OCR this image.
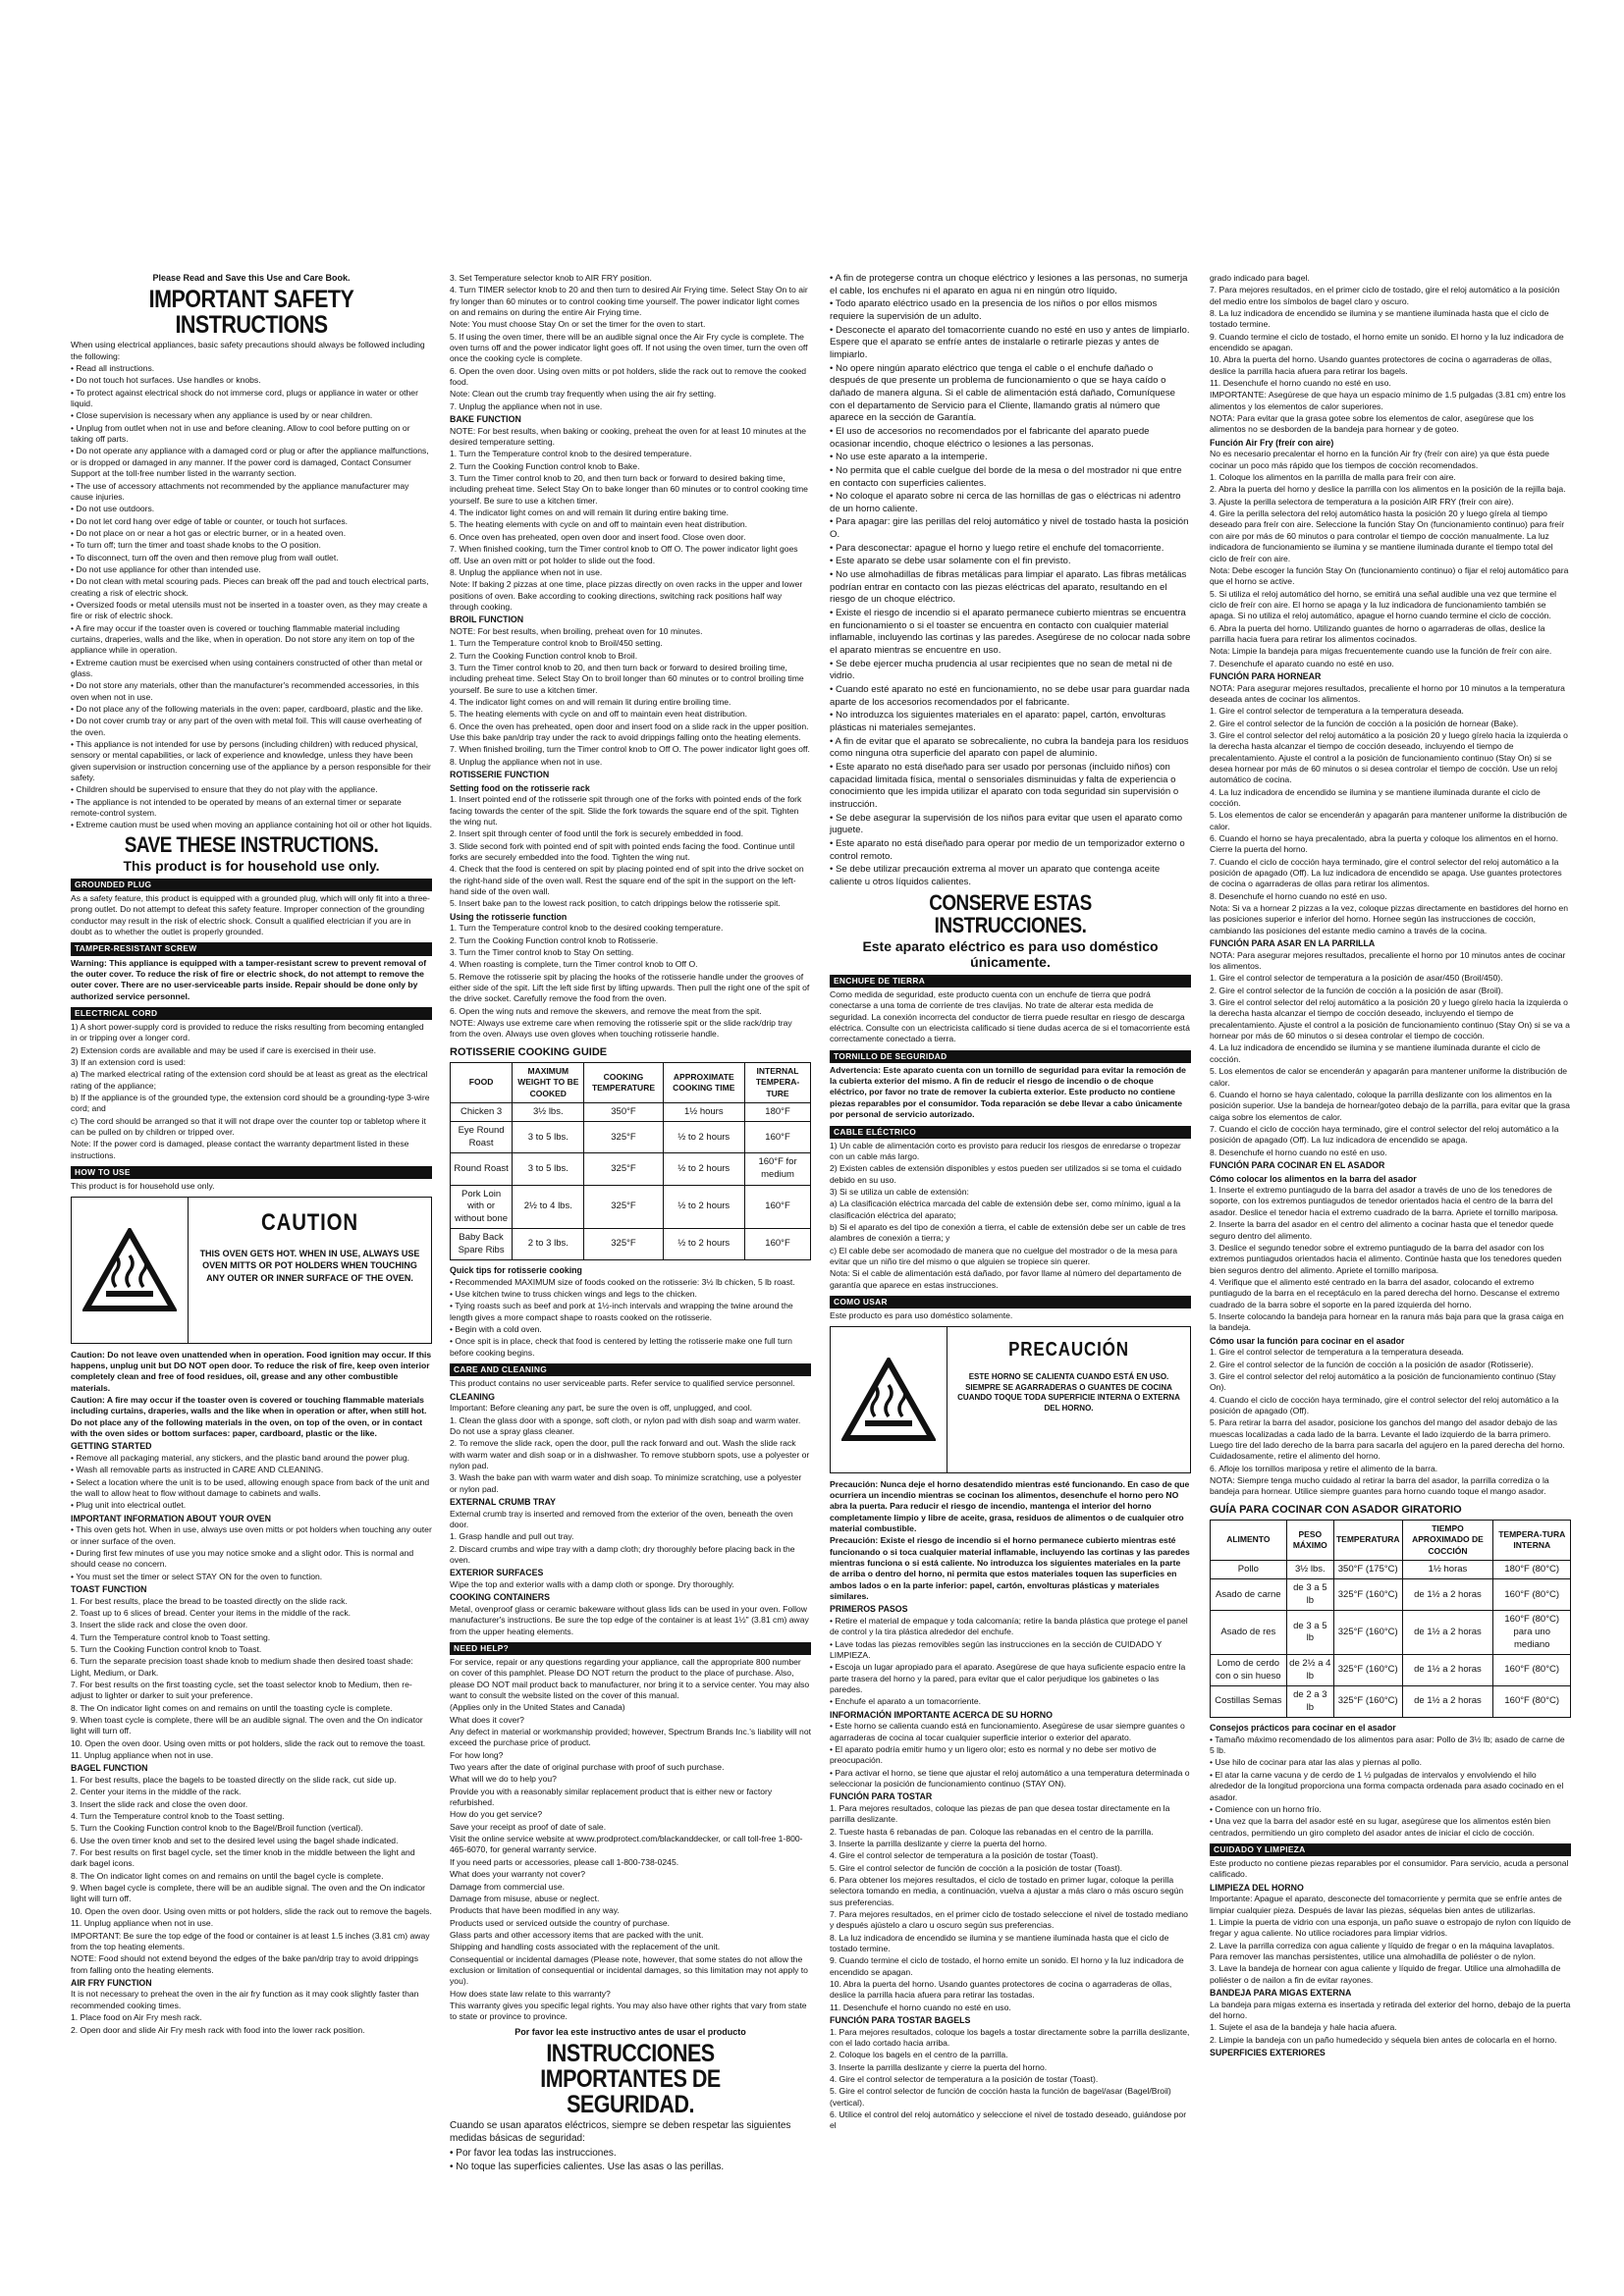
Please Read and Save this Use and Care Book.
IMPORTANT SAFETY INSTRUCTIONS

When using electrical appliances, basic safety precautions should always be followed including the following:

• Read all instructions.

• Do not touch hot surfaces. Use handles or knobs.

• To protect against electrical shock do not immerse cord, plugs or appliance in water or other liquid.

• Close supervision is necessary when any appliance is used by or near children.

• Unplug from outlet when not in use and before cleaning. Allow to cool before putting on or taking off parts.

• Do not operate any appliance with a damaged cord or plug or after the appliance malfunctions, or is dropped or damaged in any manner. If the power cord is damaged, Contact Consumer Support at the toll-free number listed in the warranty section.

• The use of accessory attachments not recommended by the appliance manufacturer may cause injuries.

• Do not use outdoors.

• Do not let cord hang over edge of table or counter, or touch hot surfaces.

• Do not place on or near a hot gas or electric burner, or in a heated oven.

• To turn off; turn the timer and toast shade knobs to the O position.

• To disconnect, turn off the oven and then remove plug from wall outlet.

• Do not use appliance for other than intended use.

• Do not clean with metal scouring pads. Pieces can break off the pad and touch electrical parts, creating a risk of electric shock.

• Oversized foods or metal utensils must not be inserted in a toaster oven, as they may create a fire or risk of electric shock.

• A fire may occur if the toaster oven is covered or touching flammable material including curtains, draperies, walls and the like, when in operation. Do not store any item on top of the appliance while in operation.

• Extreme caution must be exercised when using containers constructed of other than metal or glass.

• Do not store any materials, other than the manufacturer's recommended accessories, in this oven when not in use.

• Do not place any of the following materials in the oven: paper, cardboard, plastic and the like.

• Do not cover crumb tray or any part of the oven with metal foil. This will cause overheating of the oven.

• This appliance is not intended for use by persons (including children) with reduced physical, sensory or mental capabilities, or lack of experience and knowledge, unless they have been given supervision or instruction concerning use of the appliance by a person responsible for their safety.

• Children should be supervised to ensure that they do not play with the appliance.

• The appliance is not intended to be operated by means of an external timer or separate remote-control system.

• Extreme caution must be used when moving an appliance containing hot oil or other hot liquids.

SAVE THESE INSTRUCTIONS.
This product is for household use only.
GROUNDED PLUG

As a safety feature, this product is equipped with a grounded plug, which will only fit into a three-prong outlet. Do not attempt to defeat this safety feature. Improper connection of the grounding conductor may result in the risk of electric shock. Consult a qualified electrician if you are in doubt as to whether the outlet is properly grounded.

TAMPER-RESISTANT SCREW

Warning: This appliance is equipped with a tamper-resistant screw to prevent removal of the outer cover. To reduce the risk of fire or electric shock, do not attempt to remove the outer cover. There are no user-serviceable parts inside. Repair should be done only by authorized service personnel.

ELECTRICAL CORD

1) A short power-supply cord is provided to reduce the risks resulting from becoming entangled in or tripping over a longer cord.

2) Extension cords are available and may be used if care is exercised in their use.

3) If an extension cord is used:

a) The marked electrical rating of the extension cord should be at least as great as the electrical rating of the appliance;

b) If the appliance is of the grounded type, the extension cord should be a grounding-type 3-wire cord; and

c) The cord should be arranged so that it will not drape over the counter top or tabletop where it can be pulled on by children or tripped over.

Note: If the power cord is damaged, please contact the warranty department listed in these instructions.

HOW TO USE

This product is for household use only.

CAUTION
THIS OVEN GETS HOT. WHEN IN USE, ALWAYS USE OVEN MITTS OR POT HOLDERS WHEN TOUCHING ANY OUTER OR INNER SURFACE OF THE OVEN.

Caution: Do not leave oven unattended when in operation. Food ignition may occur. If this happens, unplug unit but DO NOT open door. To reduce the risk of fire, keep oven interior completely clean and free of food residues, oil, grease and any other combustible materials.

Caution: A fire may occur if the toaster oven is covered or touching flammable materials including curtains, draperies, walls and the like when in operation or after, when still hot. Do not place any of the following materials in the oven, on top of the oven, or in contact with the oven sides or bottom surfaces: paper, cardboard, plastic or the like.

GETTING STARTED

• Remove all packaging material, any stickers, and the plastic band around the power plug.

• Wash all removable parts as instructed in CARE AND CLEANING.

• Select a location where the unit is to be used, allowing enough space from back of the unit and the wall to allow heat to flow without damage to cabinets and walls.

• Plug unit into electrical outlet.

IMPORTANT INFORMATION ABOUT YOUR OVEN

• This oven gets hot. When in use, always use oven mitts or pot holders when touching any outer or inner surface of the oven.

• During first few minutes of use you may notice smoke and a slight odor. This is normal and should cease no concern.

• You must set the timer or select STAY ON for the oven to function.

TOAST FUNCTION

1. For best results, place the bread to be toasted directly on the slide rack.

2. Toast up to 6 slices of bread. Center your items in the middle of the rack.

3. Insert the slide rack and close the oven door.

4. Turn the Temperature control knob to Toast setting.

5. Turn the Cooking Function control knob to Toast.

6. Turn the separate precision toast shade knob to medium shade then desired toast shade: Light, Medium, or Dark.

7. For best results on the first toasting cycle, set the toast selector knob to Medium, then re-adjust to lighter or darker to suit your preference.

8. The On indicator light comes on and remains on until the toasting cycle is complete.

9. When toast cycle is complete, there will be an audible signal. The oven and the On indicator light will turn off.

10. Open the oven door. Using oven mitts or pot holders, slide the rack out to remove the toast.

11. Unplug appliance when not in use.

BAGEL FUNCTION

1. For best results, place the bagels to be toasted directly on the slide rack, cut side up.

2. Center your items in the middle of the rack.

3. Insert the slide rack and close the oven door.

4. Turn the Temperature control knob to the Toast setting.

5. Turn the Cooking Function control knob to the Bagel/Broil function (vertical).

6. Use the oven timer knob and set to the desired level using the bagel shade indicated.

7. For best results on first bagel cycle, set the timer knob in the middle between the light and dark bagel icons.

8. The On indicator light comes on and remains on until the bagel cycle is complete.

9. When bagel cycle is complete, there will be an audible signal. The oven and the On indicator light will turn off.

10. Open the oven door. Using oven mitts or pot holders, slide the rack out to remove the bagels.

11. Unplug appliance when not in use.

IMPORTANT: Be sure the top edge of the food or container is at least 1.5 inches (3.81 cm) away from the top heating elements.

NOTE: Food should not extend beyond the edges of the bake pan/drip tray to avoid drippings from falling onto the heating elements.

AIR FRY FUNCTION

It is not necessary to preheat the oven in the air fry function as it may cook slightly faster than recommended cooking times.

1. Place food on Air Fry mesh rack.

2. Open door and slide Air Fry mesh rack with food into the lower rack position.

3. Set Temperature selector knob to AIR FRY position.

4. Turn TIMER selector knob to 20 and then turn to desired Air Frying time. Select Stay On to air fry longer than 60 minutes or to control cooking time yourself. The power indicator light comes on and remains on during the entire Air Frying time.

Note: You must choose Stay On or set the timer for the oven to start.

5. If using the oven timer, there will be an audible signal once the Air Fry cycle is complete. The oven turns off and the power indicator light goes off. If not using the oven timer, turn the oven off once the cooking cycle is complete.

6. Open the oven door. Using oven mitts or pot holders, slide the rack out to remove the cooked food.

Note: Clean out the crumb tray frequently when using the air fry setting.

7. Unplug the appliance when not in use.

BAKE FUNCTION

NOTE: For best results, when baking or cooking, preheat the oven for at least 10 minutes at the desired temperature setting.

1. Turn the Temperature control knob to the desired temperature.

2. Turn the Cooking Function control knob to Bake.

3. Turn the Timer control knob to 20, and then turn back or forward to desired baking time, including preheat time. Select Stay On to bake longer than 60 minutes or to control cooking time yourself. Be sure to use a kitchen timer.

4. The indicator light comes on and will remain lit during entire baking time.

5. The heating elements with cycle on and off to maintain even heat distribution.

6. Once oven has preheated, open oven door and insert food. Close oven door.

7. When finished cooking, turn the Timer control knob to Off O. The power indicator light goes off. Use an oven mitt or pot holder to slide out the food.

8. Unplug the appliance when not in use.

Note: If baking 2 pizzas at one time, place pizzas directly on oven racks in the upper and lower positions of oven. Bake according to cooking directions, switching rack positions half way through cooking.

BROIL FUNCTION

NOTE: For best results, when broiling, preheat oven for 10 minutes.

1. Turn the Temperature control knob to Broil/450 setting.

2. Turn the Cooking Function control knob to Broil.

3. Turn the Timer control knob to 20, and then turn back or forward to desired broiling time, including preheat time. Select Stay On to broil longer than 60 minutes or to control broiling time yourself. Be sure to use a kitchen timer.

4. The indicator light comes on and will remain lit during entire broiling time.

5. The heating elements with cycle on and off to maintain even heat distribution.

6. Once the oven has preheated, open door and insert food on a slide rack in the upper position. Use this bake pan/drip tray under the rack to avoid drippings falling onto the heating elements.

7. When finished broiling, turn the Timer control knob to Off O. The power indicator light goes off.

8. Unplug the appliance when not in use.

ROTISSERIE FUNCTION
Setting food on the rotisserie rack

1. Insert pointed end of the rotisserie spit through one of the forks with pointed ends of the fork facing towards the center of the spit. Slide the fork towards the square end of the spit. Tighten the wing nut.

2. Insert spit through center of food until the fork is securely embedded in food.

3. Slide second fork with pointed end of spit with pointed ends facing the food. Continue until forks are securely embedded into the food. Tighten the wing nut.

4. Check that the food is centered on spit by placing pointed end of spit into the drive socket on the right-hand side of the oven wall. Rest the square end of the spit in the support on the left-hand side of the oven wall.

5. Insert bake pan to the lowest rack position, to catch drippings below the rotisserie spit.

Using the rotisserie function

1. Turn the Temperature control knob to the desired cooking temperature.

2. Turn the Cooking Function control knob to Rotisserie.

3. Turn the Timer control knob to Stay On setting.

4. When roasting is complete, turn the Timer control knob to Off O.

5. Remove the rotisserie spit by placing the hooks of the rotisserie handle under the grooves of either side of the spit. Lift the left side first by lifting upwards. Then pull the right one of the spit of the drive socket. Carefully remove the food from the oven.

6. Open the wing nuts and remove the skewers, and remove the meat from the spit.

NOTE: Always use extreme care when removing the rotisserie spit or the slide rack/drip tray from the oven. Always use oven gloves when touching rotisserie handle.

ROTISSERIE COOKING GUIDE
FOOD	MAXIMUM WEIGHT TO BE COOKED	COOKING TEMPERATURE	APPROXIMATE COOKING TIME	INTERNAL TEMPERA-TURE
Chicken 3	3½ lbs.	350°F	1½ hours	180°F
Eye Round Roast	3 to 5 lbs.	325°F	½ to 2 hours	160°F
Round Roast	3 to 5 lbs.	325°F	½ to 2 hours	160°F for medium
Pork Loin with or without bone	2½ to 4 lbs.	325°F	½ to 2 hours	160°F
Baby Back Spare Ribs	2 to 3 lbs.	325°F	½ to 2 hours	160°F
Quick tips for rotisserie cooking

• Recommended MAXIMUM size of foods cooked on the rotisserie: 3½ lb chicken, 5 lb roast.

• Use kitchen twine to truss chicken wings and legs to the chicken.

• Tying roasts such as beef and pork at 1½-inch intervals and wrapping the twine around the length gives a more compact shape to roasts cooked on the rotisserie.

• Begin with a cold oven.

• Once spit is in place, check that food is centered by letting the rotisserie make one full turn before cooking begins.

CARE AND CLEANING

This product contains no user serviceable parts. Refer service to qualified service personnel.

CLEANING

Important: Before cleaning any part, be sure the oven is off, unplugged, and cool.

1. Clean the glass door with a sponge, soft cloth, or nylon pad with dish soap and warm water. Do not use a spray glass cleaner.

2. To remove the slide rack, open the door, pull the rack forward and out. Wash the slide rack with warm water and dish soap or in a dishwasher. To remove stubborn spots, use a polyester or nylon pad.

3. Wash the bake pan with warm water and dish soap. To minimize scratching, use a polyester or nylon pad.

EXTERNAL CRUMB TRAY

External crumb tray is inserted and removed from the exterior of the oven, beneath the oven door.

1. Grasp handle and pull out tray.

2. Discard crumbs and wipe tray with a damp cloth; dry thoroughly before placing back in the oven.

EXTERIOR SURFACES

Wipe the top and exterior walls with a damp cloth or sponge. Dry thoroughly.

COOKING CONTAINERS

Metal, ovenproof glass or ceramic bakeware without glass lids can be used in your oven. Follow manufacturer's instructions. Be sure the top edge of the container is at least 1½" (3.81 cm) away from the upper heating elements.

NEED HELP?

For service, repair or any questions regarding your appliance, call the appropriate 800 number on cover of this pamphlet. Please DO NOT return the product to the place of purchase. Also, please DO NOT mail product back to manufacturer, nor bring it to a service center. You may also want to consult the website listed on the cover of this manual.

(Applies only in the United States and Canada)

What does it cover?

Any defect in material or workmanship provided; however, Spectrum Brands Inc.'s liability will not exceed the purchase price of product.

For how long?

Two years after the date of original purchase with proof of such purchase.

What will we do to help you?

Provide you with a reasonably similar replacement product that is either new or factory refurbished.

How do you get service?

Save your receipt as proof of date of sale.

Visit the online service website at www.prodprotect.com/blackanddecker, or call toll-free 1-800-465-6070, for general warranty service.

If you need parts or accessories, please call 1-800-738-0245.

What does your warranty not cover?

Damage from commercial use.

Damage from misuse, abuse or neglect.

Products that have been modified in any way.

Products used or serviced outside the country of purchase.

Glass parts and other accessory items that are packed with the unit.

Shipping and handling costs associated with the replacement of the unit.

Consequential or incidental damages (Please note, however, that some states do not allow the exclusion or limitation of consequential or incidental damages, so this limitation may not apply to you).

How does state law relate to this warranty?

This warranty gives you specific legal rights. You may also have other rights that vary from state to state or province to province.

Por favor lea este instructivo antes de usar el producto
INSTRUCCIONES IMPORTANTES DE SEGURIDAD.

Cuando se usan aparatos eléctricos, siempre se deben respetar las siguientes medidas básicas de seguridad:

• Por favor lea todas las instrucciones.

• No toque las superficies calientes. Use las asas o las perillas.

• A fin de protegerse contra un choque eléctrico y lesiones a las personas, no sumerja el cable, los enchufes ni el aparato en agua ni en ningún otro líquido.

• Todo aparato eléctrico usado en la presencia de los niños o por ellos mismos requiere la supervisión de un adulto.

• Desconecte el aparato del tomacorriente cuando no esté en uso y antes de limpiarlo. Espere que el aparato se enfríe antes de instalarle o retirarle piezas y antes de limpiarlo.

• No opere ningún aparato eléctrico que tenga el cable o el enchufe dañado o después de que presente un problema de funcionamiento o que se haya caído o dañado de manera alguna. Si el cable de alimentación está dañado, Comuníquese con el departamento de Servicio para el Cliente, llamando gratis al número que aparece en la sección de Garantía.

• El uso de accesorios no recomendados por el fabricante del aparato puede ocasionar incendio, choque eléctrico o lesiones a las personas.

• No use este aparato a la intemperie.

• No permita que el cable cuelgue del borde de la mesa o del mostrador ni que entre en contacto con superficies calientes.

• No coloque el aparato sobre ni cerca de las hornillas de gas o eléctricas ni adentro de un horno caliente.

• Para apagar: gire las perillas del reloj automático y nivel de tostado hasta la posición O.

• Para desconectar: apague el horno y luego retire el enchufe del tomacorriente.

• Este aparato se debe usar solamente con el fin previsto.

• No use almohadillas de fibras metálicas para limpiar el aparato. Las fibras metálicas podrían entrar en contacto con las piezas eléctricas del aparato, resultando en el riesgo de un choque eléctrico.

• Existe el riesgo de incendio si el aparato permanece cubierto mientras se encuentra en funcionamiento o si el toaster se encuentra en contacto con cualquier material inflamable, incluyendo las cortinas y las paredes. Asegúrese de no colocar nada sobre el aparato mientras se encuentre en uso.

• Se debe ejercer mucha prudencia al usar recipientes que no sean de metal ni de vidrio.

• Cuando esté aparato no esté en funcionamiento, no se debe usar para guardar nada aparte de los accesorios recomendados por el fabricante.

• No introduzca los siguientes materiales en el aparato: papel, cartón, envolturas plásticas ni materiales semejantes.

• A fin de evitar que el aparato se sobrecaliente, no cubra la bandeja para los residuos como ninguna otra superficie del aparato con papel de aluminio.

• Este aparato no está diseñado para ser usado por personas (incluido niños) con capacidad limitada física, mental o sensoriales disminuidas y falta de experiencia o conocimiento que les impida utilizar el aparato con toda seguridad sin supervisión o instrucción.

• Se debe asegurar la supervisión de los niños para evitar que usen el aparato como juguete.

• Este aparato no está diseñado para operar por medio de un temporizador externo o control remoto.

• Se debe utilizar precaución extrema al mover un aparato que contenga aceite caliente u otros líquidos calientes.

CONSERVE ESTAS INSTRUCCIONES.
Este aparato eléctrico es para uso doméstico únicamente.
ENCHUFE DE TIERRA

Como medida de seguridad, este producto cuenta con un enchufe de tierra que podrá conectarse a una toma de corriente de tres clavijas. No trate de alterar esta medida de seguridad. La conexión incorrecta del conductor de tierra puede resultar en riesgo de descarga eléctrica. Consulte con un electricista calificado si tiene dudas acerca de si el tomacorriente está correctamente conectado a tierra.

TORNILLO DE SEGURIDAD

Advertencia: Este aparato cuenta con un tornillo de seguridad para evitar la remoción de la cubierta exterior del mismo. A fin de reducir el riesgo de incendio o de choque eléctrico, por favor no trate de remover la cubierta exterior. Este producto no contiene piezas reparables por el consumidor. Toda reparación se debe llevar a cabo únicamente por personal de servicio autorizado.

CABLE ELÉCTRICO

1) Un cable de alimentación corto es provisto para reducir los riesgos de enredarse o tropezar con un cable más largo.

2) Existen cables de extensión disponibles y estos pueden ser utilizados si se toma el cuidado debido en su uso.

3) Si se utiliza un cable de extensión:

a) La clasificación eléctrica marcada del cable de extensión debe ser, como mínimo, igual a la clasificación eléctrica del aparato;

b) Si el aparato es del tipo de conexión a tierra, el cable de extensión debe ser un cable de tres alambres de conexión a tierra; y

c) El cable debe ser acomodado de manera que no cuelgue del mostrador o de la mesa para evitar que un niño tire del mismo o que alguien se tropiece sin querer.

Nota: Si el cable de alimentación está dañado, por favor llame al número del departamento de garantía que aparece en estas instrucciones.

COMO USAR

Este producto es para uso doméstico solamente.

PRECAUCIÓN
ESTE HORNO SE CALIENTA CUANDO ESTÁ EN USO. SIEMPRE SE AGARRADERAS O GUANTES DE COCINA CUANDO TOQUE TODA SUPERFICIE INTERNA O EXTERNA DEL HORNO.

Precaución: Nunca deje el horno desatendido mientras esté funcionando. En caso de que ocurriera un incendio mientras se cocinan los alimentos, desenchufe el horno pero NO abra la puerta. Para reducir el riesgo de incendio, mantenga el interior del horno completamente limpio y libre de aceite, grasa, residuos de alimentos o de cualquier otro material combustible.

Precaución: Existe el riesgo de incendio si el horno permanece cubierto mientras esté funcionando o si toca cualquier material inflamable, incluyendo las cortinas y las paredes mientras funciona o si está caliente. No introduzca los siguientes materiales en la parte de arriba o dentro del horno, ni permita que estos materiales toquen las superficies en ambos lados o en la parte inferior: papel, cartón, envolturas plásticas y materiales similares.

PRIMEROS PASOS

• Retire el material de empaque y toda calcomanía; retire la banda plástica que protege el panel de control y la tira plástica alrededor del enchufe.

• Lave todas las piezas removibles según las instrucciones en la sección de CUIDADO Y LIMPIEZA.

• Escoja un lugar apropiado para el aparato. Asegúrese de que haya suficiente espacio entre la parte trasera del horno y la pared, para evitar que el calor perjudique los gabinetes o las paredes.

• Enchufe el aparato a un tomacorriente.

INFORMACIÓN IMPORTANTE ACERCA DE SU HORNO

• Este horno se calienta cuando está en funcionamiento. Asegúrese de usar siempre guantes o agarraderas de cocina al tocar cualquier superficie interior o exterior del aparato.

• El aparato podría emitir humo y un ligero olor; esto es normal y no debe ser motivo de preocupación.

• Para activar el horno, se tiene que ajustar el reloj automático a una temperatura determinada o seleccionar la posición de funcionamiento continuo (STAY ON).

FUNCIÓN PARA TOSTAR

1. Para mejores resultados, coloque las piezas de pan que desea tostar directamente en la parrilla deslizante.

2. Tueste hasta 6 rebanadas de pan. Coloque las rebanadas en el centro de la parrilla.

3. Inserte la parrilla deslizante y cierre la puerta del horno.

4. Gire el control selector de temperatura a la posición de tostar (Toast).

5. Gire el control selector de función de cocción a la posición de tostar (Toast).

6. Para obtener los mejores resultados, el ciclo de tostado en primer lugar, coloque la perilla selectora tomando en media, a continuación, vuelva a ajustar a más claro o más oscuro según sus preferencias.

7. Para mejores resultados, en el primer ciclo de tostado seleccione el nivel de tostado mediano y después ajústelo a claro u oscuro según sus preferencias.

8. La luz indicadora de encendido se ilumina y se mantiene iluminada hasta que el ciclo de tostado termine.

9. Cuando termine el ciclo de tostado, el horno emite un sonido. El horno y la luz indicadora de encendido se apagan.

10. Abra la puerta del horno. Usando guantes protectores de cocina o agarraderas de ollas, deslice la parrilla hacia afuera para retirar las tostadas.

11. Desenchufe el horno cuando no esté en uso.

FUNCIÓN PARA TOSTAR BAGELS

1. Para mejores resultados, coloque los bagels a tostar directamente sobre la parrilla deslizante, con el lado cortado hacia arriba.

2. Coloque los bagels en el centro de la parrilla.

3. Inserte la parrilla deslizante y cierre la puerta del horno.

4. Gire el control selector de temperatura a la posición de tostar (Toast).

5. Gire el control selector de función de cocción hasta la función de bagel/asar (Bagel/Broil) (vertical).

6. Utilice el control del reloj automático y seleccione el nivel de tostado deseado, guiándose por el

grado indicado para bagel.

7. Para mejores resultados, en el primer ciclo de tostado, gire el reloj automático a la posición del medio entre los símbolos de bagel claro y oscuro.

8. La luz indicadora de encendido se ilumina y se mantiene iluminada hasta que el ciclo de tostado termine.

9. Cuando termine el ciclo de tostado, el horno emite un sonido. El horno y la luz indicadora de encendido se apagan.

10. Abra la puerta del horno. Usando guantes protectores de cocina o agarraderas de ollas, deslice la parrilla hacia afuera para retirar los bagels.

11. Desenchufe el horno cuando no esté en uso.

IMPORTANTE: Asegúrese de que haya un espacio mínimo de 1.5 pulgadas (3.81 cm) entre los alimentos y los elementos de calor superiores.

NOTA: Para evitar que la grasa gotee sobre los elementos de calor, asegúrese que los alimentos no se desborden de la bandeja para hornear y de goteo.

Función Air Fry (freír con aire)

No es necesario precalentar el horno en la función Air fry (freír con aire) ya que ésta puede cocinar un poco más rápido que los tiempos de cocción recomendados.

1. Coloque los alimentos en la parrilla de malla para freír con aire.

2. Abra la puerta del horno y deslice la parrilla con los alimentos en la posición de la rejilla baja.

3. Ajuste la perilla selectora de temperatura a la posición AIR FRY (freír con aire).

4. Gire la perilla selectora del reloj automático hasta la posición 20 y luego gírela al tiempo deseado para freír con aire. Seleccione la función Stay On (funcionamiento continuo) para freír con aire por más de 60 minutos o para controlar el tiempo de cocción manualmente. La luz indicadora de funcionamiento se ilumina y se mantiene iluminada durante el tiempo total del ciclo de freír con aire.

Nota: Debe escoger la función Stay On (funcionamiento continuo) o fijar el reloj automático para que el horno se active.

5. Si utiliza el reloj automático del horno, se emitirá una señal audible una vez que termine el ciclo de freír con aire. El horno se apaga y la luz indicadora de funcionamiento también se apaga. Si no utiliza el reloj automático, apague el horno cuando termine el ciclo de cocción.

6. Abra la puerta del horno. Utilizando guantes de horno o agarraderas de ollas, deslice la parrilla hacia fuera para retirar los alimentos cocinados.

Nota: Limpie la bandeja para migas frecuentemente cuando use la función de freír con aire.

7. Desenchufe el aparato cuando no esté en uso.

FUNCIÓN PARA HORNEAR

NOTA: Para asegurar mejores resultados, precaliente el horno por 10 minutos a la temperatura deseada antes de cocinar los alimentos.

1. Gire el control selector de temperatura a la temperatura deseada.

2. Gire el control selector de la función de cocción a la posición de hornear (Bake).

3. Gire el control selector del reloj automático a la posición 20 y luego gírelo hacia la izquierda o la derecha hasta alcanzar el tiempo de cocción deseado, incluyendo el tiempo de precalentamiento. Ajuste el control a la posición de funcionamiento continuo (Stay On) si se desea hornear por más de 60 minutos o si desea controlar el tiempo de cocción. Use un reloj automático de cocina.

4. La luz indicadora de encendido se ilumina y se mantiene iluminada durante el ciclo de cocción.

5. Los elementos de calor se encenderán y apagarán para mantener uniforme la distribución de calor.

6. Cuando el horno se haya precalentado, abra la puerta y coloque los alimentos en el horno. Cierre la puerta del horno.

7. Cuando el ciclo de cocción haya terminado, gire el control selector del reloj automático a la posición de apagado (Off). La luz indicadora de encendido se apaga. Use guantes protectores de cocina o agarraderas de ollas para retirar los alimentos.

8. Desenchufe el horno cuando no esté en uso.

Nota: Si va a hornear 2 pizzas a la vez, coloque pizzas directamente en bastidores del horno en las posiciones superior e inferior del horno. Hornee según las instrucciones de cocción, cambiando las posiciones del estante medio camino a través de la cocina.

FUNCIÓN PARA ASAR EN LA PARRILLA

NOTA: Para asegurar mejores resultados, precaliente el horno por 10 minutos antes de cocinar los alimentos.

1. Gire el control selector de temperatura a la posición de asar/450 (Broil/450).

2. Gire el control selector de la función de cocción a la posición de asar (Broil).

3. Gire el control selector del reloj automático a la posición 20 y luego gírelo hacia la izquierda o la derecha hasta alcanzar el tiempo de cocción deseado, incluyendo el tiempo de precalentamiento. Ajuste el control a la posición de funcionamiento continuo (Stay On) si se va a hornear por más de 60 minutos o si desea controlar el tiempo de cocción.

4. La luz indicadora de encendido se ilumina y se mantiene iluminada durante el ciclo de cocción.

5. Los elementos de calor se encenderán y apagarán para mantener uniforme la distribución de calor.

6. Cuando el horno se haya calentado, coloque la parrilla deslizante con los alimentos en la posición superior. Use la bandeja de hornear/goteo debajo de la parrilla, para evitar que la grasa caiga sobre los elementos de calor.

7. Cuando el ciclo de cocción haya terminado, gire el control selector del reloj automático a la posición de apagado (Off). La luz indicadora de encendido se apaga.

8. Desenchufe el horno cuando no esté en uso.

FUNCIÓN PARA COCINAR EN EL ASADOR
Cómo colocar los alimentos en la barra del asador

1. Inserte el extremo puntiagudo de la barra del asador a través de uno de los tenedores de soporte, con los extremos puntiagudos de tenedor orientados hacia el centro de la barra del asador. Deslice el tenedor hacia el extremo cuadrado de la barra. Apriete el tornillo mariposa.

2. Inserte la barra del asador en el centro del alimento a cocinar hasta que el tenedor quede seguro dentro del alimento.

3. Deslice el segundo tenedor sobre el extremo puntiagudo de la barra del asador con los extremos puntiagudos orientados hacia el alimento. Continúe hasta que los tenedores queden bien seguros dentro del alimento. Apriete el tornillo mariposa.

4. Verifique que el alimento esté centrado en la barra del asador, colocando el extremo puntiagudo de la barra en el receptáculo en la pared derecha del horno. Descanse el extremo cuadrado de la barra sobre el soporte en la pared izquierda del horno.

5. Inserte colocando la bandeja para hornear en la ranura más baja para que la grasa caiga en la bandeja.

Cómo usar la función para cocinar en el asador

1. Gire el control selector de temperatura a la temperatura deseada.

2. Gire el control selector de la función de cocción a la posición de asador (Rotisserie).

3. Gire el control selector del reloj automático a la posición de funcionamiento continuo (Stay On).

4. Cuando el ciclo de cocción haya terminado, gire el control selector del reloj automático a la posición de apagado (Off).

5. Para retirar la barra del asador, posicione los ganchos del mango del asador debajo de las muescas localizadas a cada lado de la barra. Levante el lado izquierdo de la barra primero. Luego tire del lado derecho de la barra para sacarla del agujero en la pared derecha del horno. Cuidadosamente, retire el alimento del horno.

6. Afloje los tornillos mariposa y retire el alimento de la barra.

NOTA: Siempre tenga mucho cuidado al retirar la barra del asador, la parrilla corrediza o la bandeja para hornear. Utilice siempre guantes para horno cuando toque el mango asador.

GUÍA PARA COCINAR CON ASADOR GIRATORIO
ALIMENTO	PESO MÁXIMO	TEMPERATURA	TIEMPO APROXIMADO DE COCCIÓN	TEMPERA-TURA INTERNA
Pollo	3½ lbs.	350°F (175°C)	1½ horas	180°F (80°C)
Asado de carne	de 3 a 5 lb	325°F (160°C)	de 1½ a 2 horas	160°F (80°C)
Asado de res	de 3 a 5 lb	325°F (160°C)	de 1½ a 2 horas	160°F (80°C) para uno mediano
Lomo de cerdo con o sin hueso	de 2½ a 4 lb	325°F (160°C)	de 1½ a 2 horas	160°F (80°C)
Costillas Semas	de 2 a 3 lb	325°F (160°C)	de 1½ a 2 horas	160°F (80°C)
Consejos prácticos para cocinar en el asador

• Tamaño máximo recomendado de los alimentos para asar: Pollo de 3½ lb; asado de carne de 5 lb.

• Use hilo de cocinar para atar las alas y piernas al pollo.

• El atar la carne vacuna y de cerdo de 1 ½ pulgadas de intervalos y envolviendo el hilo alrededor de la longitud proporciona una forma compacta ordenada para asado cocinado en el asador.

• Comience con un horno frío.

• Una vez que la barra del asador esté en su lugar, asegúrese que los alimentos estén bien centrados, permitiendo un giro completo del asador antes de iniciar el ciclo de cocción.

CUIDADO Y LIMPIEZA

Este producto no contiene piezas reparables por el consumidor. Para servicio, acuda a personal calificado.

LIMPIEZA DEL HORNO

Importante: Apague el aparato, desconecte del tomacorriente y permita que se enfríe antes de limpiar cualquier pieza. Después de lavar las piezas, séquelas bien antes de utilizarlas.

1. Limpie la puerta de vidrio con una esponja, un paño suave o estropajo de nylon con líquido de fregar y agua caliente. No utilice rociadores para limpiar vidrios.

2. Lave la parrilla corrediza con agua caliente y líquido de fregar o en la máquina lavaplatos. Para remover las manchas persistentes, utilice una almohadilla de poliéster o de nylon.

3. Lave la bandeja de hornear con agua caliente y líquido de fregar. Utilice una almohadilla de poliéster o de nailon a fin de evitar rayones.

BANDEJA PARA MIGAS EXTERNA

La bandeja para migas externa es insertada y retirada del exterior del horno, debajo de la puerta del horno.

1. Sujete el asa de la bandeja y hale hacia afuera.

2. Limpie la bandeja con un paño humedecido y séquela bien antes de colocarla en el horno.

SUPERFICIES EXTERIORES
